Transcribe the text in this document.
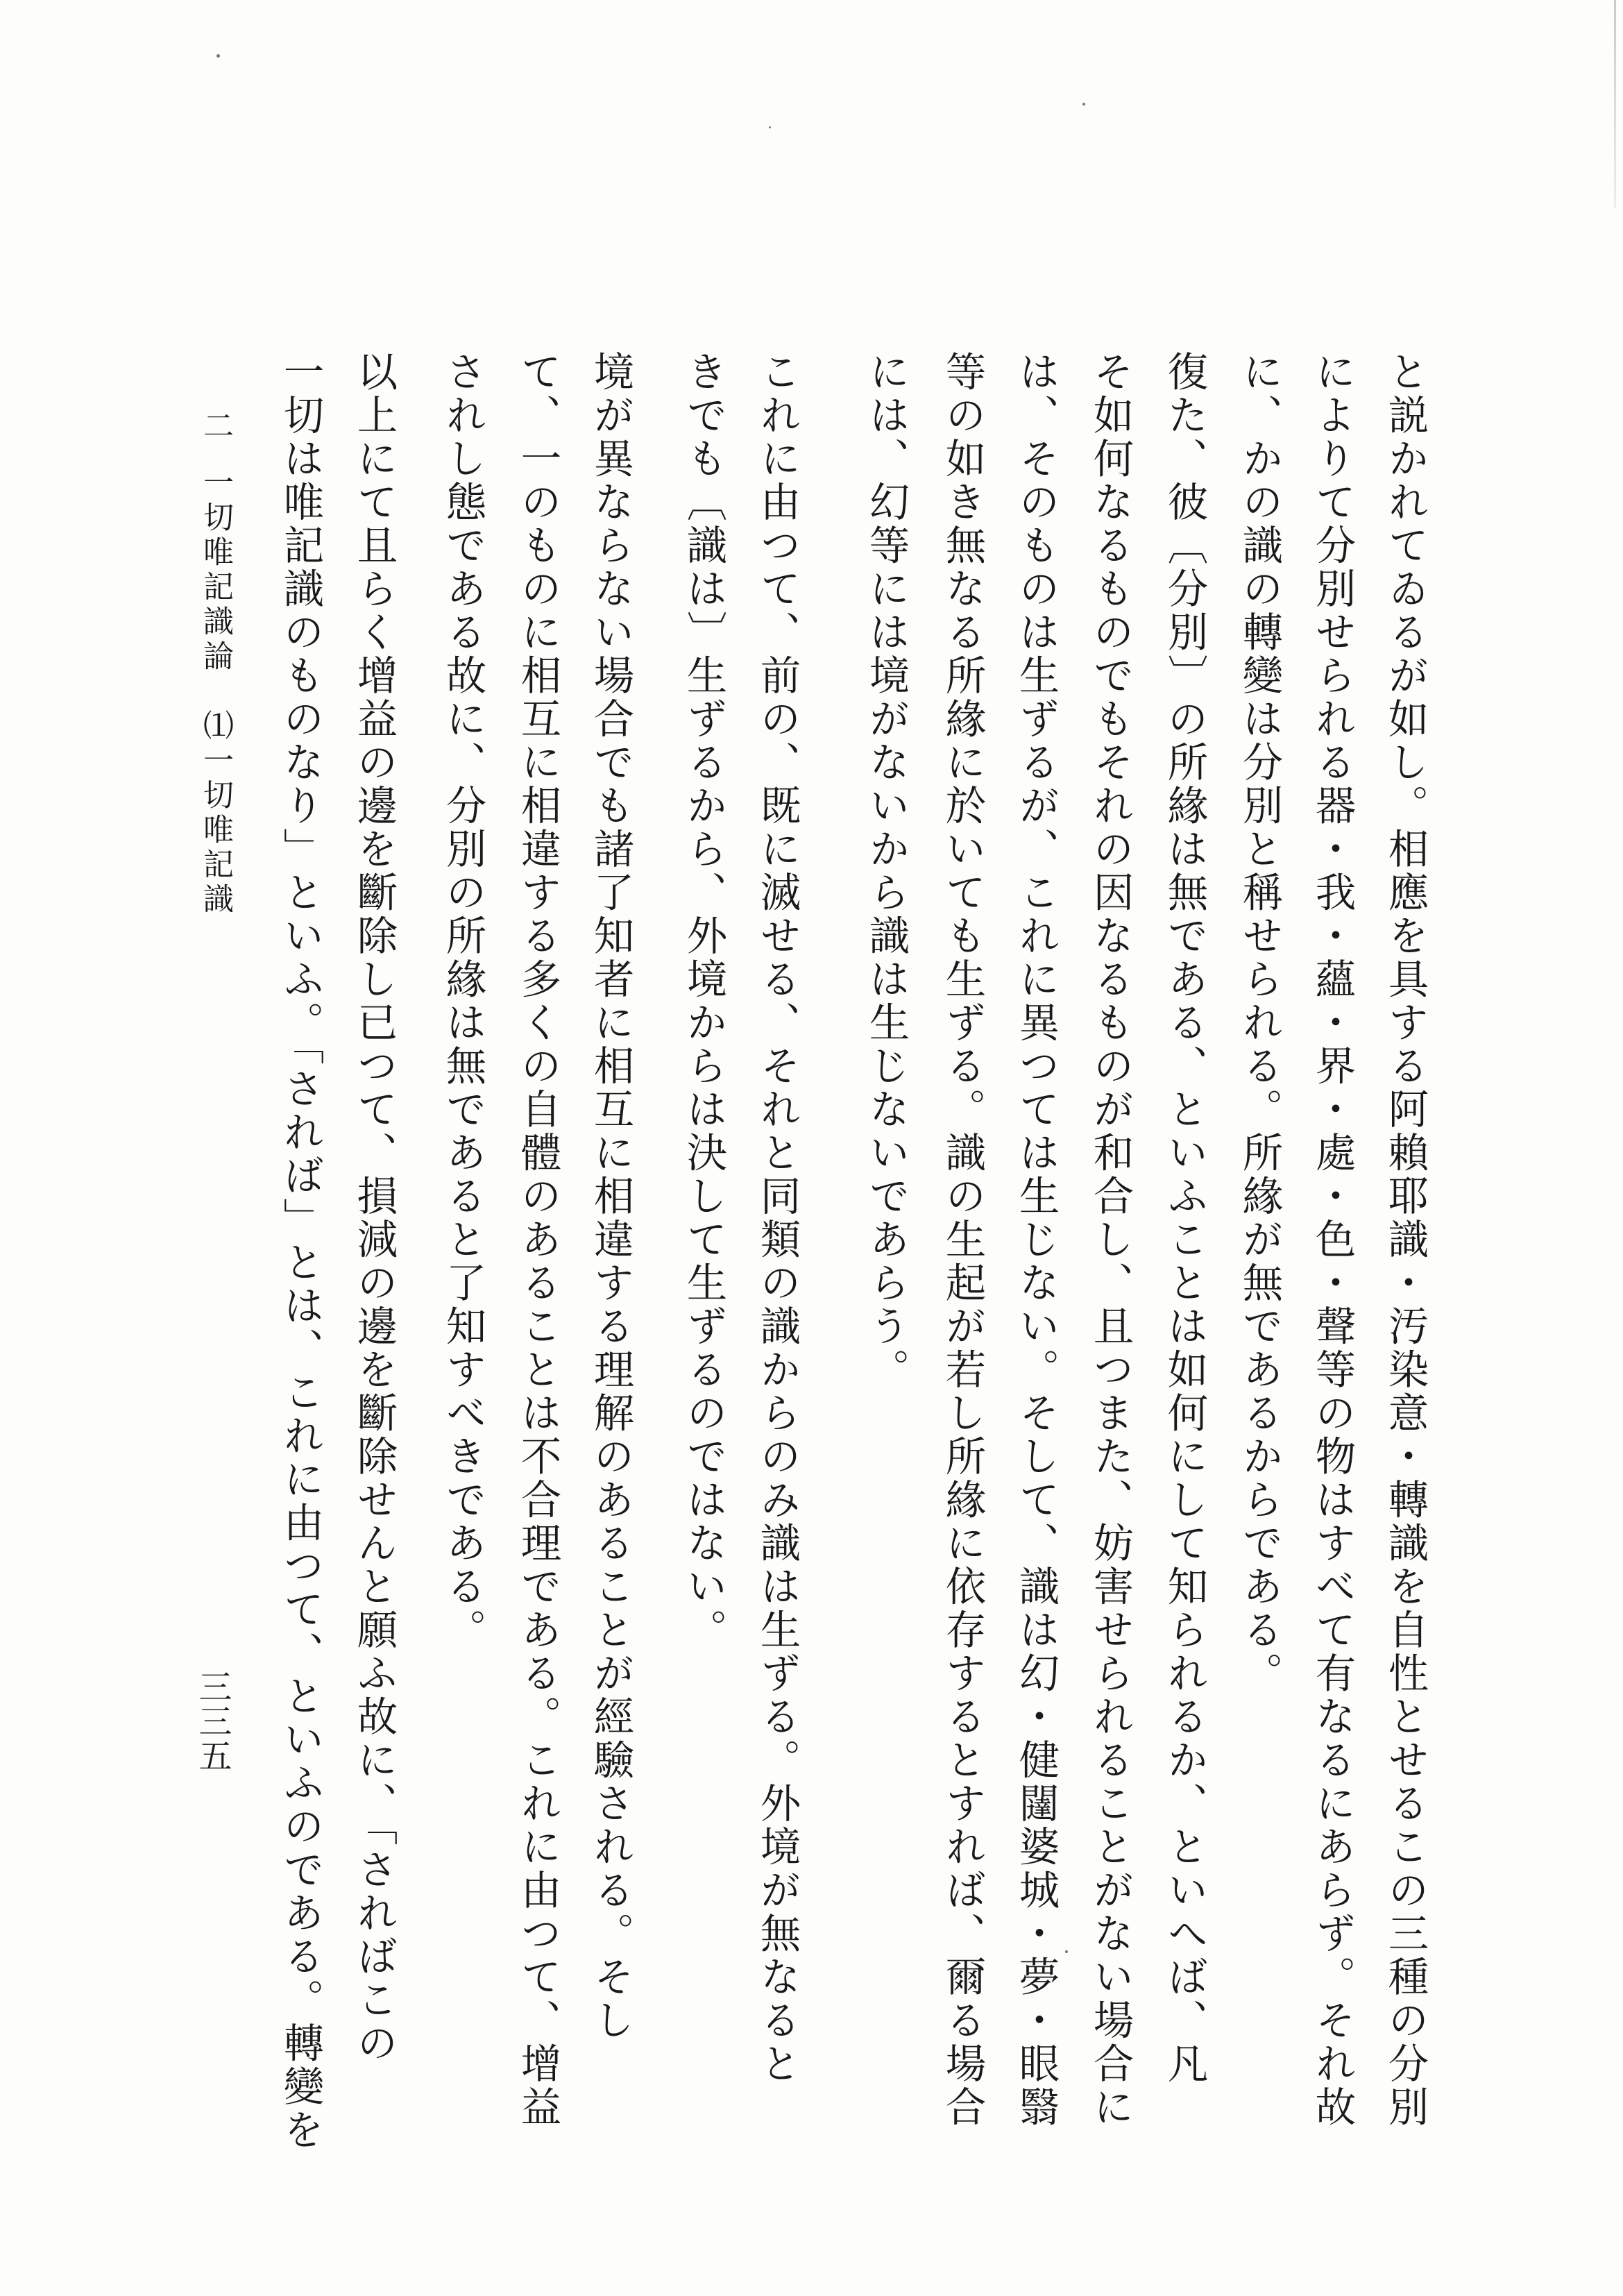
と説かれてゐるが如し。相應を具する阿賴耶識・汚染意・轉識を自性とせるこの三種の分別
によりて分別せられる器・我・蘊・界・處・色・聲等の物はすべて有なるにあらず。それ故
に、かの識の轉變は分別と稱せられる。所緣が無であるからである。
復た、彼〔分別〕の所緣は無である、といふことは如何にして知られるか、といへば、凡
そ如何なるものでもそれの因なるものが和合し、且つまた、妨害せられることがない場合に
は、そのものは生ずるが、これに異つては生じない。そして、識は幻・健闥婆城・夢・眼翳
等の如き無なる所緣に於いても生ずる。識の生起が若し所緣に依存するとすれば、爾る場合
には、幻等には境がないから識は生じないであらう。
これに由つて、前の、既に滅せる、それと同類の識からのみ識は生ずる。外境が無なると
きでも〔識は〕生ずるから、外境からは決して生ずるのではない。
境が異ならない場合でも諸了知者に相互に相違する理解のあることが經驗される。そし
て、一のものに相互に相違する多くの自體のあることは不合理である。これに由つて、增益
されし態である故に、分別の所緣は無であると了知すべきである。
以上にて且らく增益の邊を斷除し已つて、損減の邊を斷除せんと願ふ故に、「さればこの
一切は唯記識のものなり」といふ。「されば」とは、これに由つて、といふのである。轉變を
二
一切唯記識論　⑴一切唯記識
三三五
